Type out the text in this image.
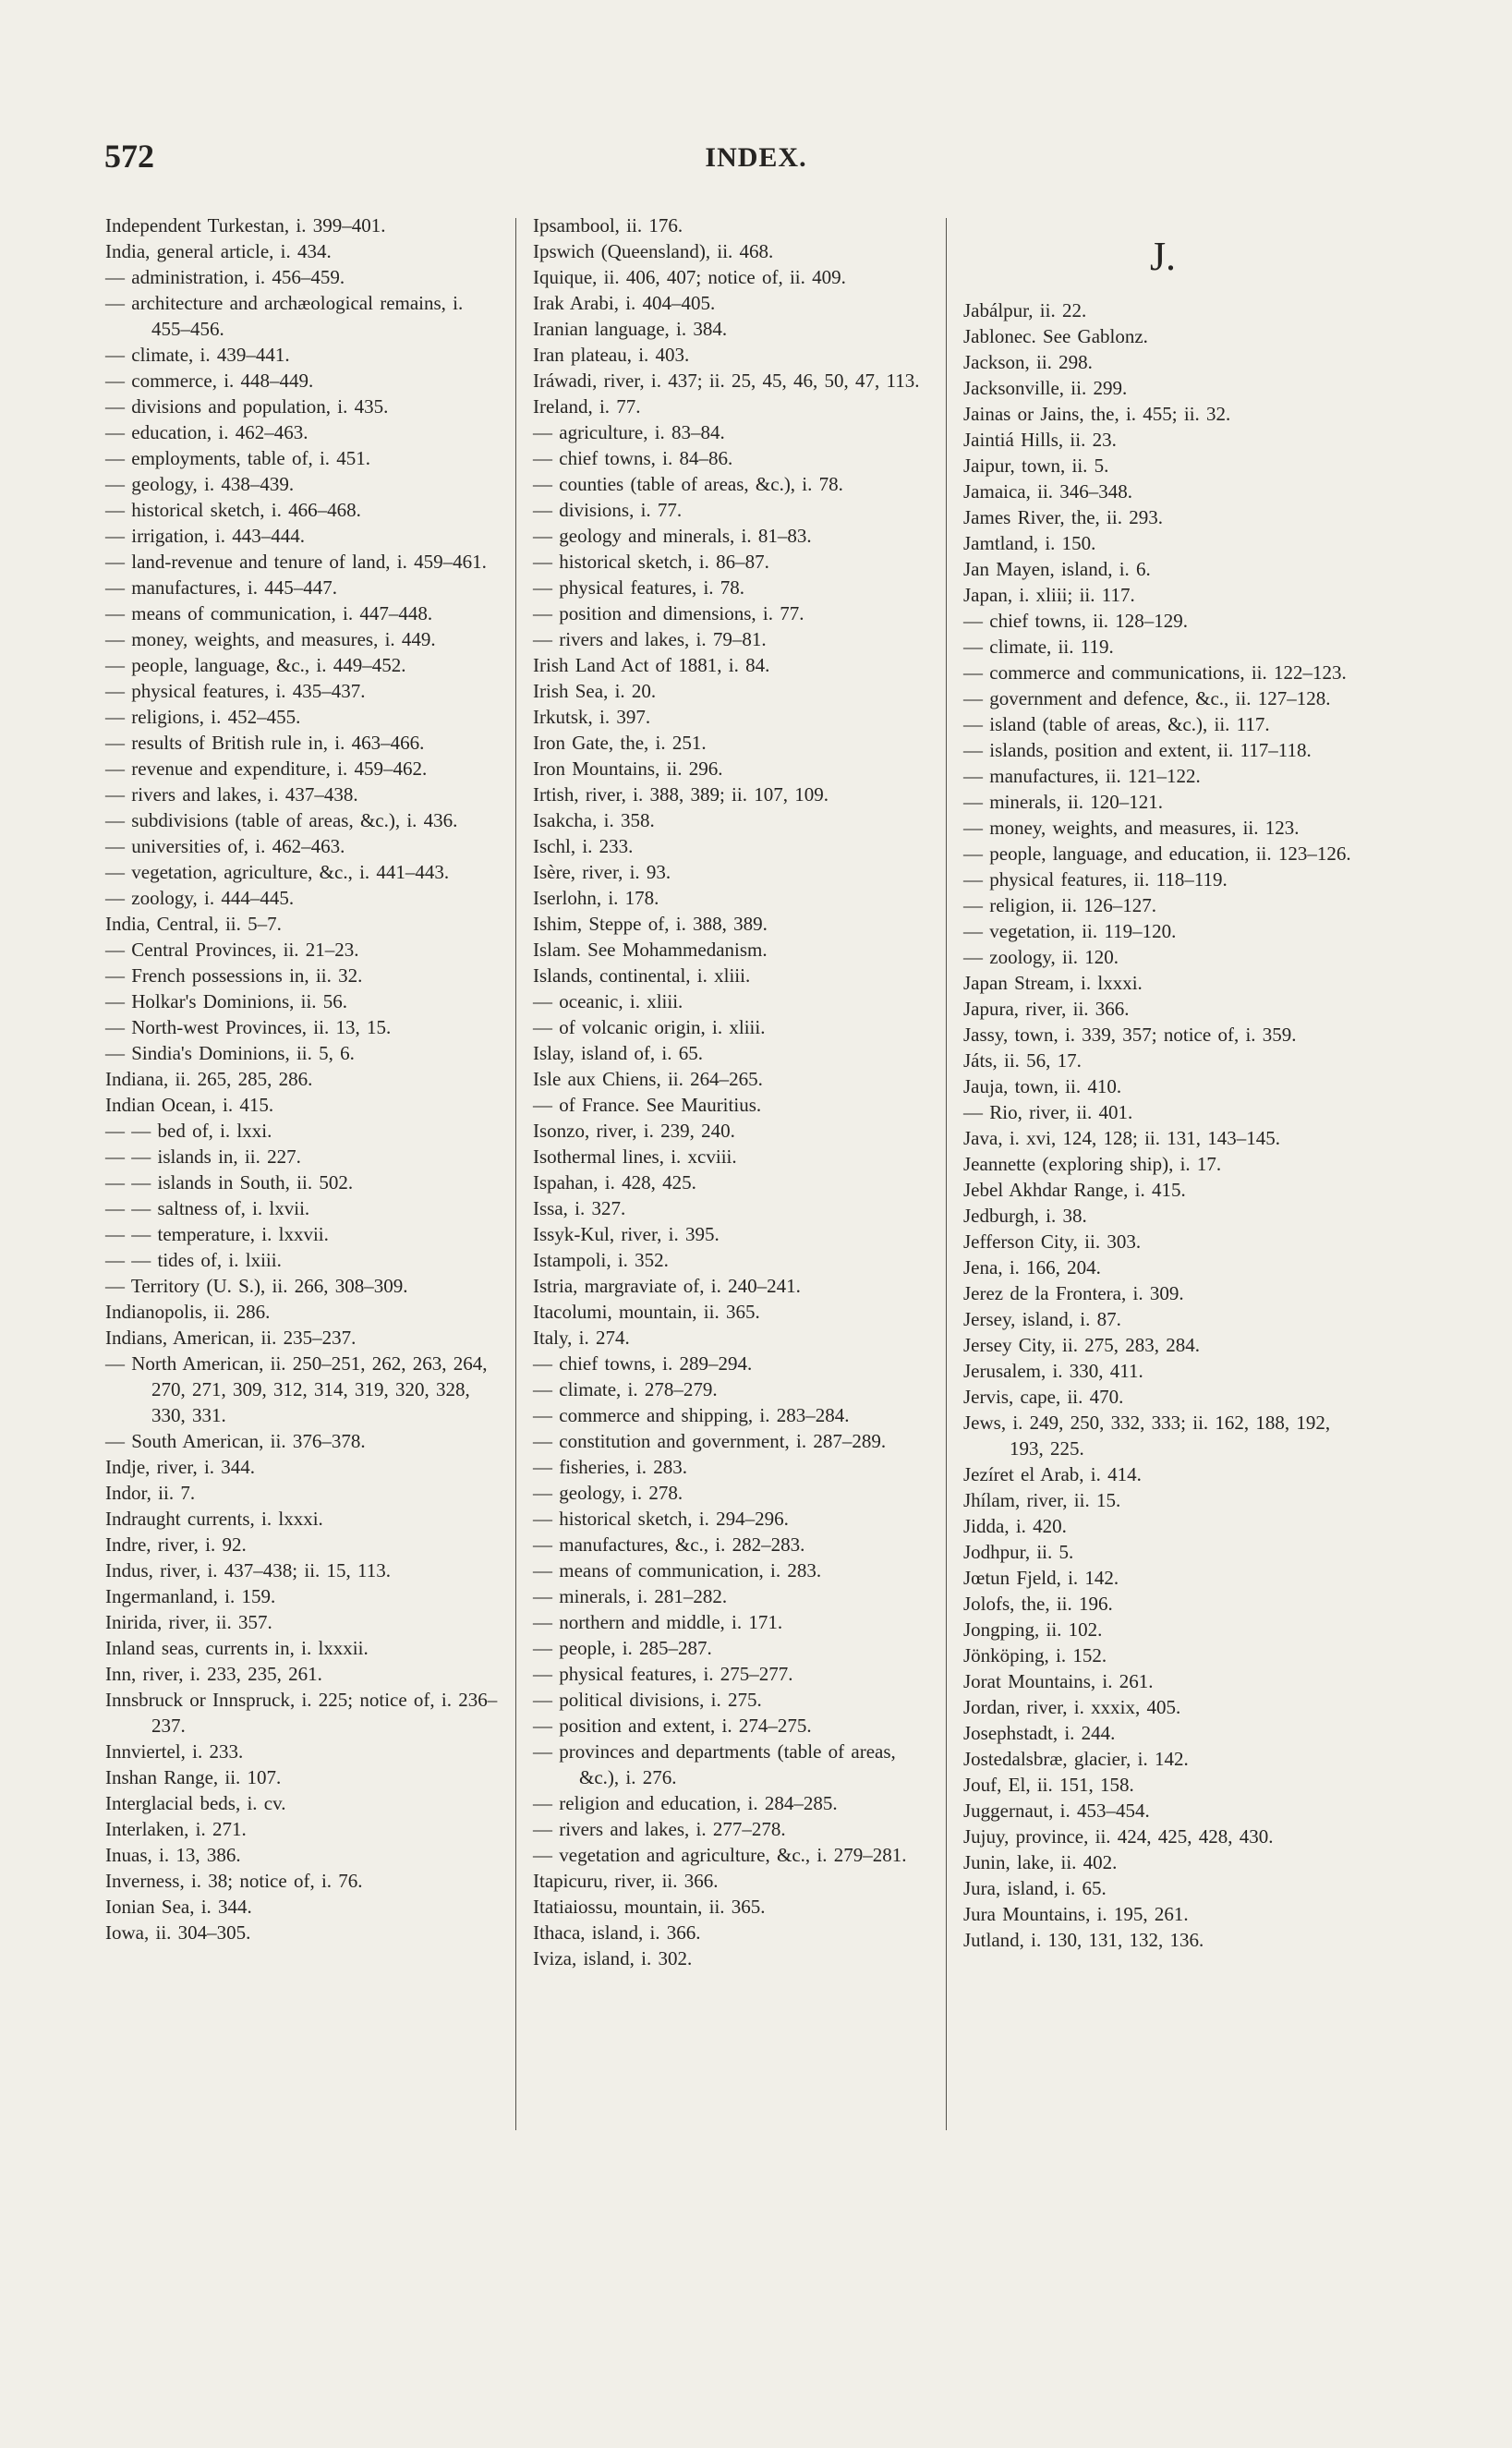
572	INDEX.

Independent Turkestan, i. 399–401.

India, general article, i. 434.

— administration, i. 456–459.

— architecture and archæological remains, i. 455–456.

— climate, i. 439–441.

— commerce, i. 448–449.

— divisions and population, i. 435.

— education, i. 462–463.

— employments, table of, i. 451.

— geology, i. 438–439.

— historical sketch, i. 466–468.

— irrigation, i. 443–444.

— land-revenue and tenure of land, i. 459–461.

— manufactures, i. 445–447.

— means of communication, i. 447–448.

— money, weights, and measures, i. 449.

— people, language, &c., i. 449–452.

— physical features, i. 435–437.

— religions, i. 452–455.

— results of British rule in, i. 463–466.

— revenue and expenditure, i. 459–462.

— rivers and lakes, i. 437–438.

— subdivisions (table of areas, &c.), i. 436.

— universities of, i. 462–463.

— vegetation, agriculture, &c., i. 441–443.

— zoology, i. 444–445.

India, Central, ii. 5–7.

— Central Provinces, ii. 21–23.

— French possessions in, ii. 32.

— Holkar's Dominions, ii. 56.

— North-west Provinces, ii. 13, 15.

— Sindia's Dominions, ii. 5, 6.

Indiana, ii. 265, 285, 286.

Indian Ocean, i. 415.

— — bed of, i. lxxi.

— — islands in, ii. 227.

— — islands in South, ii. 502.

— — saltness of, i. lxvii.

— — temperature, i. lxxvii.

— — tides of, i. lxiii.

— Territory (U. S.), ii. 266, 308–309.

Indianopolis, ii. 286.

Indians, American, ii. 235–237.

— North American, ii. 250–251, 262, 263, 264, 270, 271, 309, 312, 314, 319, 320, 328, 330, 331.

— South American, ii. 376–378.

Indje, river, i. 344.

Indor, ii. 7.

Indraught currents, i. lxxxi.

Indre, river, i. 92.

Indus, river, i. 437–438; ii. 15, 113.

Ingermanland, i. 159.

Inirida, river, ii. 357.

Inland seas, currents in, i. lxxxii.

Inn, river, i. 233, 235, 261.

Innsbruck or Innspruck, i. 225; notice of, i. 236–237.

Innviertel, i. 233.

Inshan Range, ii. 107.

Interglacial beds, i. cv.

Interlaken, i. 271.

Inuas, i. 13, 386.

Inverness, i. 38; notice of, i. 76.

Ionian Sea, i. 344.

Iowa, ii. 304–305.

Ipsambool, ii. 176.

Ipswich (Queensland), ii. 468.

Iquique, ii. 406, 407; notice of, ii. 409.

Irak Arabi, i. 404–405.

Iranian language, i. 384.

Iran plateau, i. 403.

Iráwadi, river, i. 437; ii. 25, 45, 46, 50, 47, 113.

Ireland, i. 77.

— agriculture, i. 83–84.

— chief towns, i. 84–86.

— counties (table of areas, &c.), i. 78.

— divisions, i. 77.

— geology and minerals, i. 81–83.

— historical sketch, i. 86–87.

— physical features, i. 78.

— position and dimensions, i. 77.

— rivers and lakes, i. 79–81.

Irish Land Act of 1881, i. 84.

Irish Sea, i. 20.

Irkutsk, i. 397.

Iron Gate, the, i. 251.

Iron Mountains, ii. 296.

Irtish, river, i. 388, 389; ii. 107, 109.

Isakcha, i. 358.

Ischl, i. 233.

Isère, river, i. 93.

Iserlohn, i. 178.

Ishim, Steppe of, i. 388, 389.

Islam. See Mohammedanism.

Islands, continental, i. xliii.

— oceanic, i. xliii.

— of volcanic origin, i. xliii.

Islay, island of, i. 65.

Isle aux Chiens, ii. 264–265.

— of France. See Mauritius.

Isonzo, river, i. 239, 240.

Isothermal lines, i. xcviii.

Ispahan, i. 428, 425.

Issa, i. 327.

Issyk-Kul, river, i. 395.

Istampoli, i. 352.

Istria, margraviate of, i. 240–241.

Itacolumi, mountain, ii. 365.

Italy, i. 274.

— chief towns, i. 289–294.

— climate, i. 278–279.

— commerce and shipping, i. 283–284.

— constitution and government, i. 287–289.

— fisheries, i. 283.

— geology, i. 278.

— historical sketch, i. 294–296.

— manufactures, &c., i. 282–283.

— means of communication, i. 283.

— minerals, i. 281–282.

— northern and middle, i. 171.

— people, i. 285–287.

— physical features, i. 275–277.

— political divisions, i. 275.

— position and extent, i. 274–275.

— provinces and departments (table of areas, &c.), i. 276.

— religion and education, i. 284–285.

— rivers and lakes, i. 277–278.

— vegetation and agriculture, &c., i. 279–281.

Itapicuru, river, ii. 366.

Itatiaiossu, mountain, ii. 365.

Ithaca, island, i. 366.

Iviza, island, i. 302.

J.

Jabálpur, ii. 22.

Jablonec. See Gablonz.

Jackson, ii. 298.

Jacksonville, ii. 299.

Jainas or Jains, the, i. 455; ii. 32.

Jaintiá Hills, ii. 23.

Jaipur, town, ii. 5.

Jamaica, ii. 346–348.

James River, the, ii. 293.

Jamtland, i. 150.

Jan Mayen, island, i. 6.

Japan, i. xliii; ii. 117.

— chief towns, ii. 128–129.

— climate, ii. 119.

— commerce and communications, ii. 122–123.

— government and defence, &c., ii. 127–128.

— island (table of areas, &c.), ii. 117.

— islands, position and extent, ii. 117–118.

— manufactures, ii. 121–122.

— minerals, ii. 120–121.

— money, weights, and measures, ii. 123.

— people, language, and education, ii. 123–126.

— physical features, ii. 118–119.

— religion, ii. 126–127.

— vegetation, ii. 119–120.

— zoology, ii. 120.

Japan Stream, i. lxxxi.

Japura, river, ii. 366.

Jassy, town, i. 339, 357; notice of, i. 359.

Játs, ii. 56, 17.

Jauja, town, ii. 410.

— Rio, river, ii. 401.

Java, i. xvi, 124, 128; ii. 131, 143–145.

Jeannette (exploring ship), i. 17.

Jebel Akhdar Range, i. 415.

Jedburgh, i. 38.

Jefferson City, ii. 303.

Jena, i. 166, 204.

Jerez de la Frontera, i. 309.

Jersey, island, i. 87.

Jersey City, ii. 275, 283, 284.

Jerusalem, i. 330, 411.

Jervis, cape, ii. 470.

Jews, i. 249, 250, 332, 333; ii. 162, 188, 192, 193, 225.

Jezíret el Arab, i. 414.

Jhílam, river, ii. 15.

Jidda, i. 420.

Jodhpur, ii. 5.

Jœtun Fjeld, i. 142.

Jolofs, the, ii. 196.

Jongping, ii. 102.

Jönköping, i. 152.

Jorat Mountains, i. 261.

Jordan, river, i. xxxix, 405.

Josephstadt, i. 244.

Jostedalsbræ, glacier, i. 142.

Jouf, El, ii. 151, 158.

Juggernaut, i. 453–454.

Jujuy, province, ii. 424, 425, 428, 430.

Junin, lake, ii. 402.

Jura, island, i. 65.

Jura Mountains, i. 195, 261.

Jutland, i. 130, 131, 132, 136.
